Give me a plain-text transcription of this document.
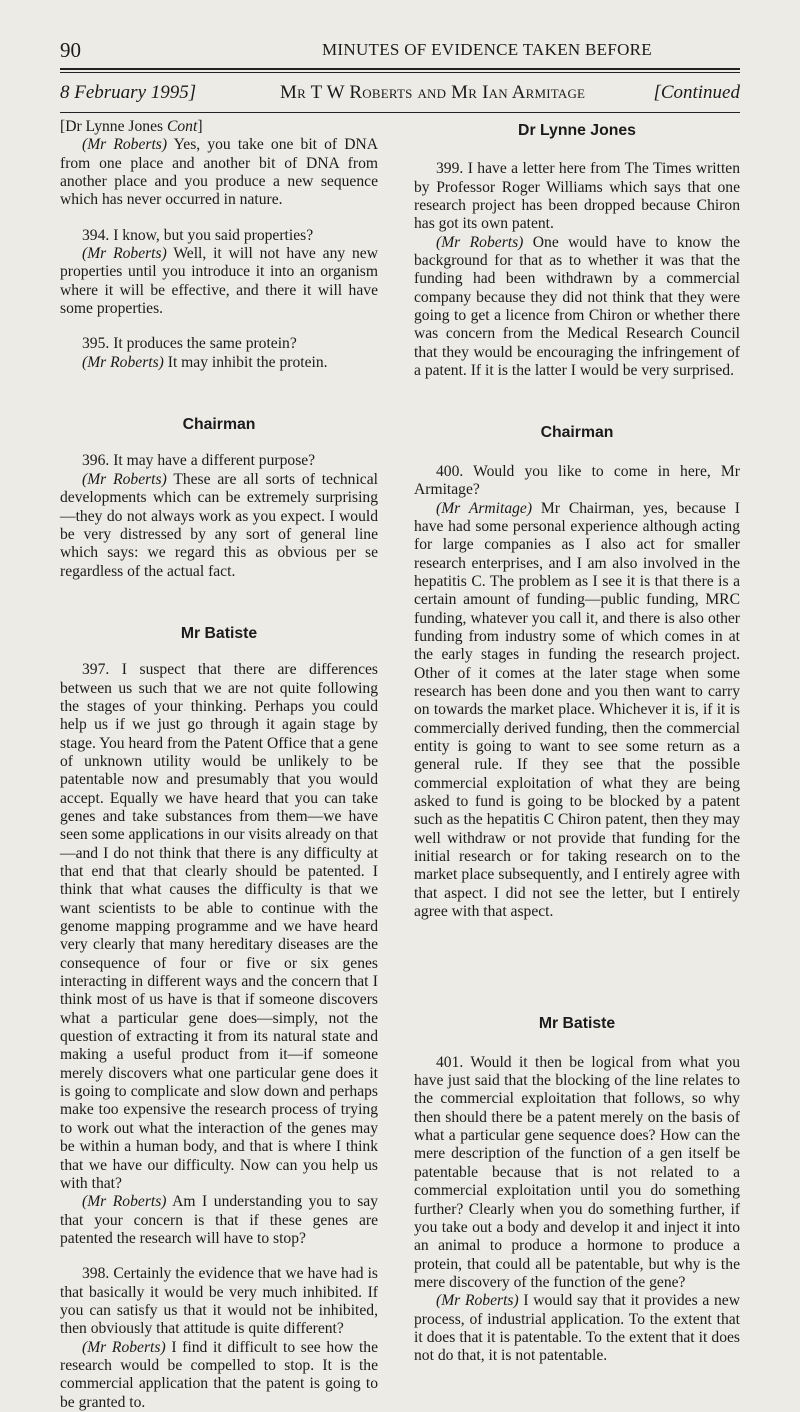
90	MINUTES OF EVIDENCE TAKEN BEFORE
8 February 1995]	Mr T W Roberts and Mr Ian Armitage	[Continued

[Dr Lynne Jones Cont]

(Mr Roberts) Yes, you take one bit of DNA from one place and another bit of DNA from another place and you produce a new sequence which has never occurred in nature.

394. I know, but you said properties?

(Mr Roberts) Well, it will not have any new properties until you introduce it into an organism where it will be effective, and there it will have some properties.

395. It produces the same protein?

(Mr Roberts) It may inhibit the protein.

Chairman

396. It may have a different purpose?

(Mr Roberts) These are all sorts of technical developments which can be extremely surprising—they do not always work as you expect. I would be very distressed by any sort of general line which says: we regard this as obvious per se regardless of the actual fact.

Mr Batiste

397. I suspect that there are differences between us such that we are not quite following the stages of your thinking. Perhaps you could help us if we just go through it again stage by stage. You heard from the Patent Office that a gene of unknown utility would be unlikely to be patentable now and presumably that you would accept. Equally we have heard that you can take genes and take substances from them—we have seen some applications in our visits already on that—and I do not think that there is any difficulty at that end that that clearly should be patented. I think that what causes the difficulty is that we want scientists to be able to continue with the genome mapping programme and we have heard very clearly that many hereditary diseases are the consequence of four or five or six genes interacting in different ways and the concern that I think most of us have is that if someone discovers what a particular gene does—simply, not the question of extracting it from its natural state and making a useful product from it—if someone merely discovers what one particular gene does it is going to complicate and slow down and perhaps make too expensive the research process of trying to work out what the interaction of the genes may be within a human body, and that is where I think that we have our difficulty. Now can you help us with that?

(Mr Roberts) Am I understanding you to say that your concern is that if these genes are patented the research will have to stop?

398. Certainly the evidence that we have had is that basically it would be very much inhibited. If you can satisfy us that it would not be inhibited, then obviously that attitude is quite different?

(Mr Roberts) I find it difficult to see how the research would be compelled to stop. It is the commercial application that the patent is going to be granted to.

Dr Lynne Jones

399. I have a letter here from The Times written by Professor Roger Williams which says that one research project has been dropped because Chiron has got its own patent.

(Mr Roberts) One would have to know the background for that as to whether it was that the funding had been withdrawn by a commercial company because they did not think that they were going to get a licence from Chiron or whether there was concern from the Medical Research Council that they would be encouraging the infringement of a patent. If it is the latter I would be very surprised.

Chairman

400. Would you like to come in here, Mr Armitage?

(Mr Armitage) Mr Chairman, yes, because I have had some personal experience although acting for large companies as I also act for smaller research enterprises, and I am also involved in the hepatitis C. The problem as I see it is that there is a certain amount of funding—public funding, MRC funding, whatever you call it, and there is also other funding from industry some of which comes in at the early stages in funding the research project. Other of it comes at the later stage when some research has been done and you then want to carry on towards the market place. Whichever it is, if it is commercially derived funding, then the commercial entity is going to want to see some return as a general rule. If they see that the possible commercial exploitation of what they are being asked to fund is going to be blocked by a patent such as the hepatitis C Chiron patent, then they may well withdraw or not provide that funding for the initial research or for taking research on to the market place subsequently, and I entirely agree with that aspect. I did not see the letter, but I entirely agree with that aspect.

Mr Batiste

401. Would it then be logical from what you have just said that the blocking of the line relates to the commercial exploitation that follows, so why then should there be a patent merely on the basis of what a particular gene sequence does? How can the mere description of the function of a gen itself be patentable because that is not related to a commercial exploitation until you do something further? Clearly when you do something further, if you take out a body and develop it and inject it into an animal to produce a hormone to produce a protein, that could all be patentable, but why is the mere discovery of the function of the gene?

(Mr Roberts) I would say that it provides a new process, of industrial application. To the extent that it does that it is patentable. To the extent that it does not do that, it is not patentable.
